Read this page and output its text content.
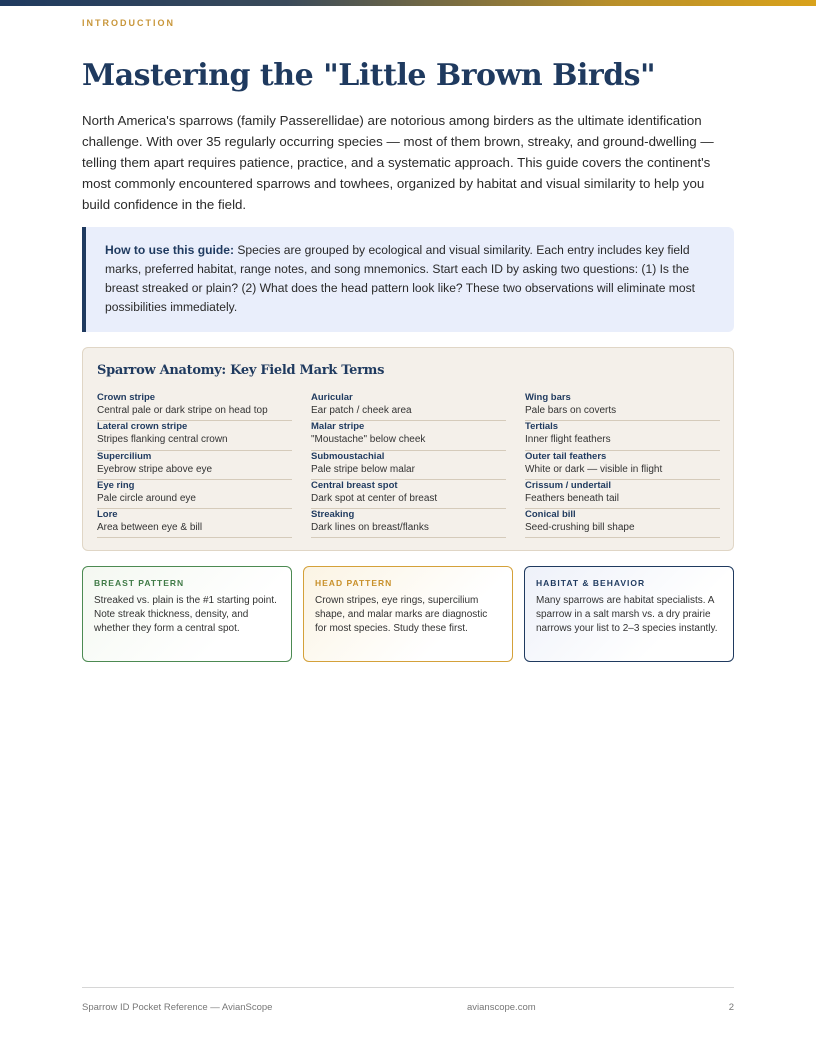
INTRODUCTION
Mastering the "Little Brown Birds"

North America's sparrows (family Passerellidae) are notorious among birders as the ultimate identification challenge. With over 35 regularly occurring species — most of them brown, streaky, and ground-dwelling — telling them apart requires patience, practice, and a systematic approach. This guide covers the continent's most commonly encountered sparrows and towhees, organized by habitat and visual similarity to help you build confidence in the field.

How to use this guide: Species are grouped by ecological and visual similarity. Each entry includes key field marks, preferred habitat, range notes, and song mnemonics. Start each ID by asking two questions: (1) Is the breast streaked or plain? (2) What does the head pattern look like? These two observations will eliminate most possibilities immediately.
Sparrow Anatomy: Key Field Mark Terms
Crown stripe
Central pale or dark stripe on head top
Lateral crown stripe
Stripes flanking central crown
Supercilium
Eyebrow stripe above eye
Eye ring
Pale circle around eye
Lore
Area between eye & bill
Auricular
Ear patch / cheek area
Malar stripe
"Moustache" below cheek
Submoustachial
Pale stripe below malar
Central breast spot
Dark spot at center of breast
Streaking
Dark lines on breast/flanks
Wing bars
Pale bars on coverts
Tertials
Inner flight feathers
Outer tail feathers
White or dark — visible in flight
Crissum / undertail
Feathers beneath tail
Conical bill
Seed-crushing bill shape
BREAST PATTERN
Streaked vs. plain is the #1 starting point. Note streak thickness, density, and whether they form a central spot.
HEAD PATTERN
Crown stripes, eye rings, supercilium shape, and malar marks are diagnostic for most species. Study these first.
HABITAT & BEHAVIOR
Many sparrows are habitat specialists. A sparrow in a salt marsh vs. a dry prairie narrows your list to 2–3 species instantly.
Sparrow ID Pocket Reference — AvianScope	avianscope.com	2
